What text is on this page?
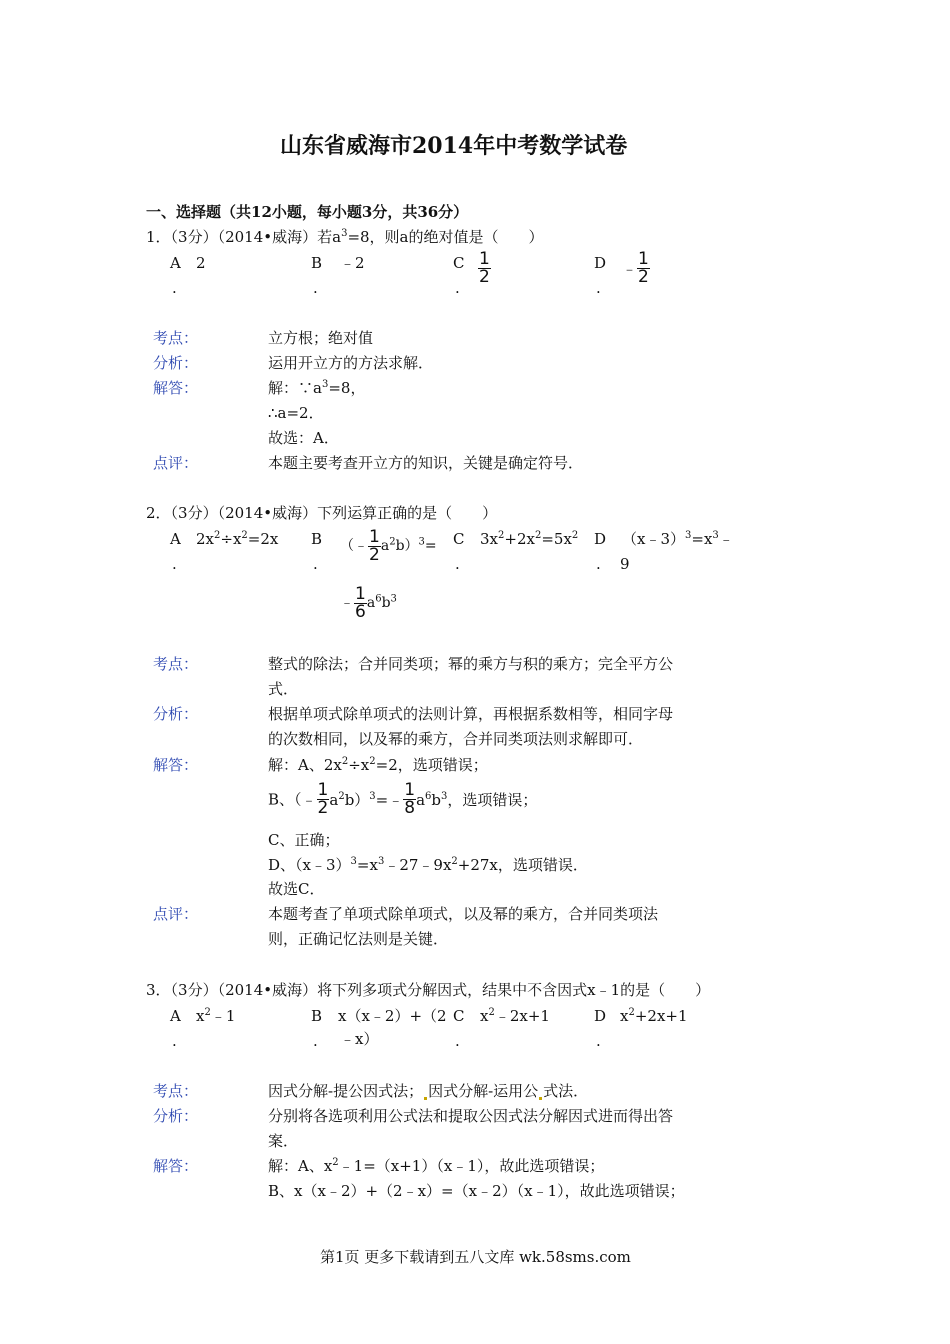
山东省威海市2014年中考数学试卷
一、选择题（共12小题，每小题3分，共36分）
1．（3分）（2014•威海）若$a^3=8$，则a的绝对值是（　　）
A 2
.
B ﹣2
.
C $\frac{1}{2}$
.
D ﹣ $\frac{1}{2}$
.
考点：	立方根；绝对值
分析：	运用开立方的方法求解．
解答：	解：$\because a^3=8$，
∴a=2．
故选：A．
点评：	本题主要考查开立方的知识，关键是确定符号．
2．（3分）（2014•威海）下列运算正确的是（　　）
A $2x^2\div x^2=2x$
.
B
.
（﹣ $\frac{1}{2} a^2b)^3=$
﹣ $\frac{1}{6} a^6b^3$
C $3x^2+2x^2=5x^2$
.
D $(x﹣3)^3=x^3﹣$
. 9
考点：	整式的除法；合并同类项；幂的乘方与积的乘方；完全平方公
式．
分析：	根据单项式除单项式的法则计算，再根据系数相等，相同字母
的次数相同，以及幂的乘方，合并同类项法则求解即可．
解答：	解：A、$2x^2\div x^2=2$，选项错误；
B、（﹣ $\frac{1}{2}$ $a^2b)^3=﹣ \frac{1}{8} a^6b^3$，选项错误；
C、正确；
D、$(x﹣3)^3=x^3﹣27﹣9x^2+27x$，选项错误．
故选C．
点评：	本题考查了单项式除单项式，以及幂的乘方，合并同类项法
则，正确记忆法则是关键．
3．（3分）（2014•威海）将下列多项式分解因式，结果中不含因式x﹣1的是（　　）
A $x^2﹣1$
.
B x（x﹣2）+（2
. ﹣x）
C $x^2﹣2x+1$
.
D $x^2+2x+1$
.
考点：	因式分解-提公因式法； 因式分解-运用公 式法．
分析：	分别将各选项利用公式法和提取公因式法分解因式进而得出答
案．
解答：	解：A、$x^2﹣1=(x+1)(x﹣1)$，故此选项错误；
B、x（x﹣2）+（2﹣x）=（x﹣2）（x﹣1），故此选项错误；
第1页 更多下载请到五八文库 wk.58sms.com
